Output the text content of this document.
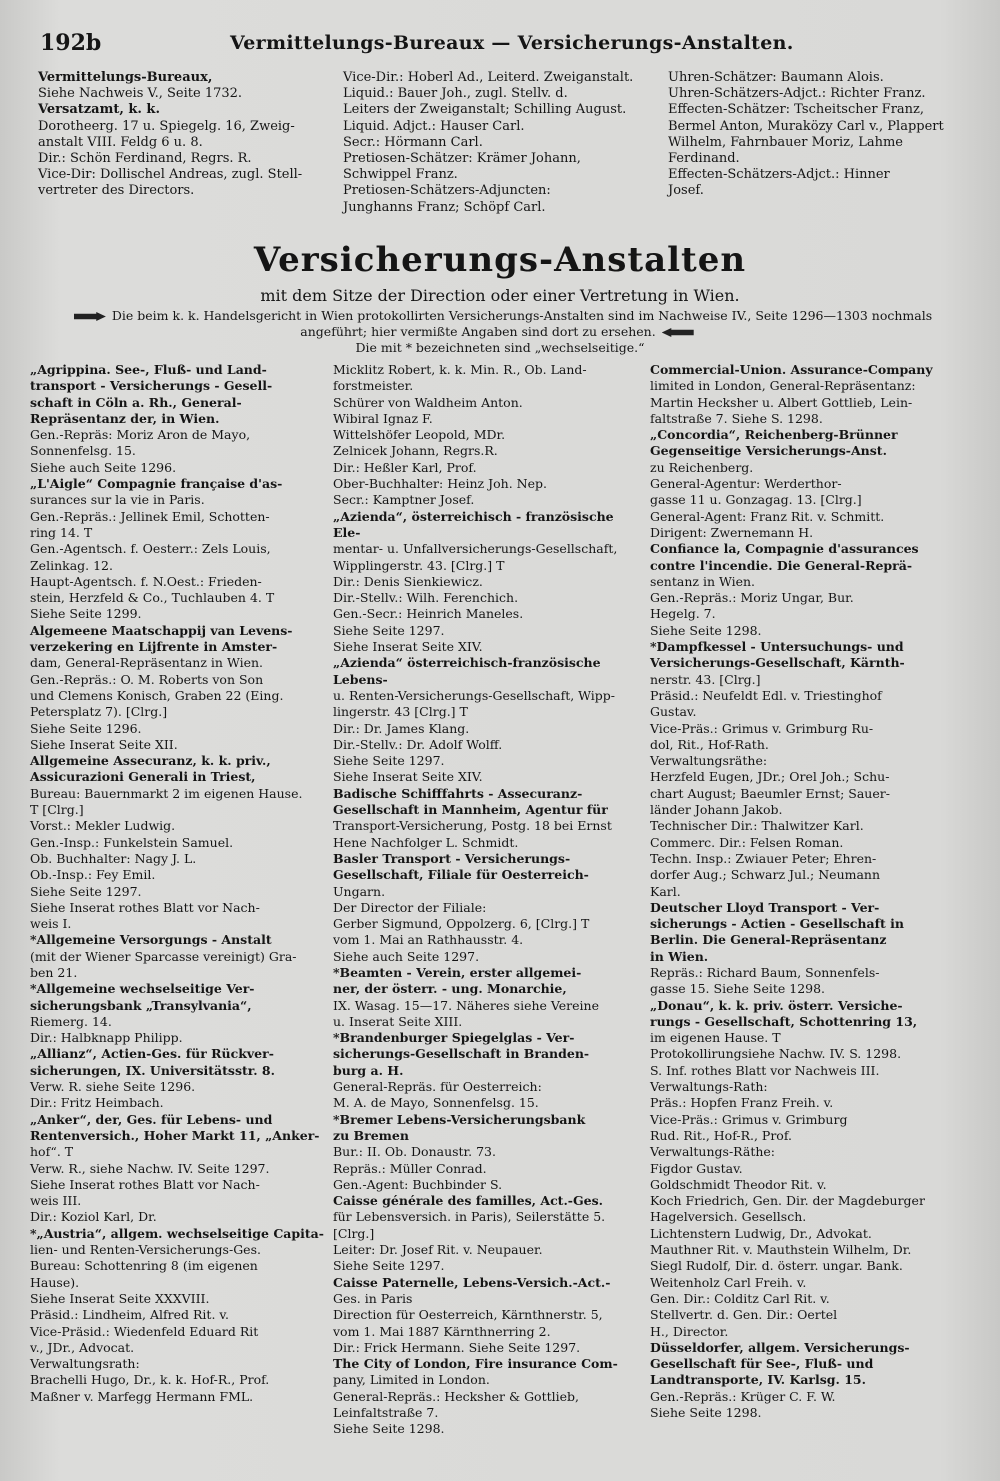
192b	Vermittelungs-Bureaux — Versicherungs-Anstalten.

Vermittelungs-Bureaux,

Siehe Nachweis V., Seite 1732.

Versatzamt, k. k.

Dorotheerg. 17 u. Spiegelg. 16, Zweig-

anstalt VIII. Feldg 6 u. 8.

Dir.: Schön Ferdinand, Regrs. R.

Vice-Dir: Dollischel Andreas, zugl. Stell-

vertreter des Directors.

Vice-Dir.: Hoberl Ad., Leiterd. Zweiganstalt.

Liquid.: Bauer Joh., zugl. Stellv. d.

Leiters der Zweiganstalt; Schilling August.

Liquid. Adjct.: Hauser Carl.

Secr.: Hörmann Carl.

Pretiosen-Schätzer: Krämer Johann,

Schwippel Franz.

Pretiosen-Schätzers-Adjuncten:

Junghanns Franz; Schöpf Carl.

Uhren-Schätzer: Baumann Alois.

Uhren-Schätzers-Adjct.: Richter Franz.

Effecten-Schätzer: Tscheitscher Franz,

Bermel Anton, Muraközy Carl v., Plappert

Wilhelm, Fahrnbauer Moriz, Lahme

Ferdinand.

Effecten-Schätzers-Adjct.: Hinner

Josef.

Versicherungs-Anstalten
mit dem Sitze der Direction oder einer Vertretung in Wien.
Die beim k. k. Handelsgericht in Wien protokollirten Versicherungs-Anstalten sind im Nachweise IV., Seite 1296—1303 nochmals
angeführt; hier vermißte Angaben sind dort zu ersehen.
Die mit * bezeichneten sind „wechselseitige.“

„Agrippina. See-, Fluß- und Land-

transport - Versicherungs - Gesell-

schaft in Cöln a. Rh., General-

Repräsentanz der, in Wien.

Gen.-Repräs: Moriz Aron de Mayo,

Sonnenfelsg. 15.

Siehe auch Seite 1296.

„L'Aigle“ Compagnie française d'as-

surances sur la vie in Paris.

Gen.-Repräs.: Jellinek Emil, Schotten-

ring 14. T

Gen.-Agentsch. f. Oesterr.: Zels Louis,

Zelinkag. 12.

Haupt-Agentsch. f. N.Oest.: Frieden-

stein, Herzfeld & Co., Tuchlauben 4. T

Siehe Seite 1299.

Algemeene Maatschappij van Levens-

verzekering en Lijfrente in Amster-

dam, General-Repräsentanz in Wien.

Gen.-Repräs.: O. M. Roberts von Son

und Clemens Konisch, Graben 22 (Eing.

Petersplatz 7). [Clrg.]

Siehe Seite 1296.

Siehe Inserat Seite XII.

Allgemeine Assecuranz, k. k. priv.,

Assicurazioni Generali in Triest,

Bureau: Bauernmarkt 2 im eigenen Hause.

T [Clrg.]

Vorst.: Mekler Ludwig.

Gen.-Insp.: Funkelstein Samuel.

Ob. Buchhalter: Nagy J. L.

Ob.-Insp.: Fey Emil.

Siehe Seite 1297.

Siehe Inserat rothes Blatt vor Nach-

weis I.

*Allgemeine Versorgungs - Anstalt

(mit der Wiener Sparcasse vereinigt) Gra-

ben 21.

*Allgemeine wechselseitige Ver-

sicherungsbank „Transylvania“,

Riemerg. 14.

Dir.: Halbknapp Philipp.

„Allianz“, Actien-Ges. für Rückver-

sicherungen, IX. Universitätsstr. 8.

Verw. R. siehe Seite 1296.

Dir.: Fritz Heimbach.

„Anker“, der, Ges. für Lebens- und

Rentenversich., Hoher Markt 11, „Anker-

hof“. T

Verw. R., siehe Nachw. IV. Seite 1297.

Siehe Inserat rothes Blatt vor Nach-

weis III.

Dir.: Koziol Karl, Dr.

*„Austria“, allgem. wechselseitige Capita-

lien- und Renten-Versicherungs-Ges.

Bureau: Schottenring 8 (im eigenen

Hause).

Siehe Inserat Seite XXXVIII.

Präsid.: Lindheim, Alfred Rit. v.

Vice-Präsid.: Wiedenfeld Eduard Rit

v., JDr., Advocat.

Verwaltungsrath:

Brachelli Hugo, Dr., k. k. Hof-R., Prof.

Maßner v. Marfegg Hermann FML.

Micklitz Robert, k. k. Min. R., Ob. Land-

forstmeister.

Schürer von Waldheim Anton.

Wibiral Ignaz F.

Wittelshöfer Leopold, MDr.

Zelnicek Johann, Regrs.R.

Dir.: Heßler Karl, Prof.

Ober-Buchhalter: Heinz Joh. Nep.

Secr.: Kamptner Josef.

„Azienda“, österreichisch - französische Ele-

mentar- u. Unfallversicherungs-Gesellschaft,

Wipplingerstr. 43. [Clrg.] T

Dir.: Denis Sienkiewicz.

Dir.-Stellv.: Wilh. Ferenchich.

Gen.-Secr.: Heinrich Maneles.

Siehe Seite 1297.

Siehe Inserat Seite XIV.

„Azienda“ österreichisch-französische Lebens-

u. Renten-Versicherungs-Gesellschaft, Wipp-

lingerstr. 43 [Clrg.] T

Dir.: Dr. James Klang.

Dir.-Stellv.: Dr. Adolf Wolff.

Siehe Seite 1297.

Siehe Inserat Seite XIV.

Badische Schifffahrts - Assecuranz-

Gesellschaft in Mannheim, Agentur für

Transport-Versicherung, Postg. 18 bei Ernst

Hene Nachfolger L. Schmidt.

Basler Transport - Versicherungs-

Gesellschaft, Filiale für Oesterreich-

Ungarn.

Der Director der Filiale:

Gerber Sigmund, Oppolzerg. 6, [Clrg.] T

vom 1. Mai an Rathhausstr. 4.

Siehe auch Seite 1297.

*Beamten - Verein, erster allgemei-

ner, der österr. - ung. Monarchie,

IX. Wasag. 15—17. Näheres siehe Vereine

u. Inserat Seite XIII.

*Brandenburger Spiegelglas - Ver-

sicherungs-Gesellschaft in Branden-

burg a. H.

General-Repräs. für Oesterreich:

M. A. de Mayo, Sonnenfelsg. 15.

*Bremer Lebens-Versicherungsbank

zu Bremen

Bur.: II. Ob. Donaustr. 73.

Repräs.: Müller Conrad.

Gen.-Agent: Buchbinder S.

Caisse générale des familles, Act.-Ges.

für Lebensversich. in Paris), Seilerstätte 5.

[Clrg.]

Leiter: Dr. Josef Rit. v. Neupauer.

Siehe Seite 1297.

Caisse Paternelle, Lebens-Versich.-Act.-

Ges. in Paris

Direction für Oesterreich, Kärnthnerstr. 5,

vom 1. Mai 1887 Kärnthnerring 2.

Dir.: Frick Hermann. Siehe Seite 1297.

The City of London, Fire insurance Com-

pany, Limited in London.

General-Repräs.: Hecksher & Gottlieb,

Leinfaltstraße 7.

Siehe Seite 1298.

Commercial-Union. Assurance-Company

limited in London, General-Repräsentanz:

Martin Hecksher u. Albert Gottlieb, Lein-

faltstraße 7. Siehe S. 1298.

„Concordia“, Reichenberg-Brünner

Gegenseitige Versicherungs-Anst.

zu Reichenberg.

General-Agentur: Werderthor-

gasse 11 u. Gonzagag. 13. [Clrg.]

General-Agent: Franz Rit. v. Schmitt.

Dirigent: Zwernemann H.

Confiance la, Compagnie d'assurances

contre l'incendie. Die General-Reprä-

sentanz in Wien.

Gen.-Repräs.: Moriz Ungar, Bur.

Hegelg. 7.

Siehe Seite 1298.

*Dampfkessel - Untersuchungs- und

Versicherungs-Gesellschaft, Kärnth-

nerstr. 43. [Clrg.]

Präsid.: Neufeldt Edl. v. Triestinghof

Gustav.

Vice-Präs.: Grimus v. Grimburg Ru-

dol, Rit., Hof-Rath.

Verwaltungsräthe:

Herzfeld Eugen, JDr.; Orel Joh.; Schu-

chart August; Baeumler Ernst; Sauer-

länder Johann Jakob.

Technischer Dir.: Thalwitzer Karl.

Commerc. Dir.: Felsen Roman.

Techn. Insp.: Zwiauer Peter; Ehren-

dorfer Aug.; Schwarz Jul.; Neumann

Karl.

Deutscher Lloyd Transport - Ver-

sicherungs - Actien - Gesellschaft in

Berlin. Die General-Repräsentanz

in Wien.

Repräs.: Richard Baum, Sonnenfels-

gasse 15. Siehe Seite 1298.

„Donau“, k. k. priv. österr. Versiche-

rungs - Gesellschaft, Schottenring 13,

im eigenen Hause. T

Protokollirungsiehe Nachw. IV. S. 1298.

S. Inf. rothes Blatt vor Nachweis III.

Verwaltungs-Rath:

Präs.: Hopfen Franz Freih. v.

Vice-Präs.: Grimus v. Grimburg

Rud. Rit., Hof-R., Prof.

Verwaltungs-Räthe:

Figdor Gustav.

Goldschmidt Theodor Rit. v.

Koch Friedrich, Gen. Dir. der Magdeburger

Hagelversich. Gesellsch.

Lichtenstern Ludwig, Dr., Advokat.

Mauthner Rit. v. Mauthstein Wilhelm, Dr.

Siegl Rudolf, Dir. d. österr. ungar. Bank.

Weitenholz Carl Freih. v.

Gen. Dir.: Colditz Carl Rit. v.

Stellvertr. d. Gen. Dir.: Oertel

H., Director.

Düsseldorfer, allgem. Versicherungs-

Gesellschaft für See-, Fluß- und

Landtransporte, IV. Karlsg. 15.

Gen.-Repräs.: Krüger C. F. W.

Siehe Seite 1298.
